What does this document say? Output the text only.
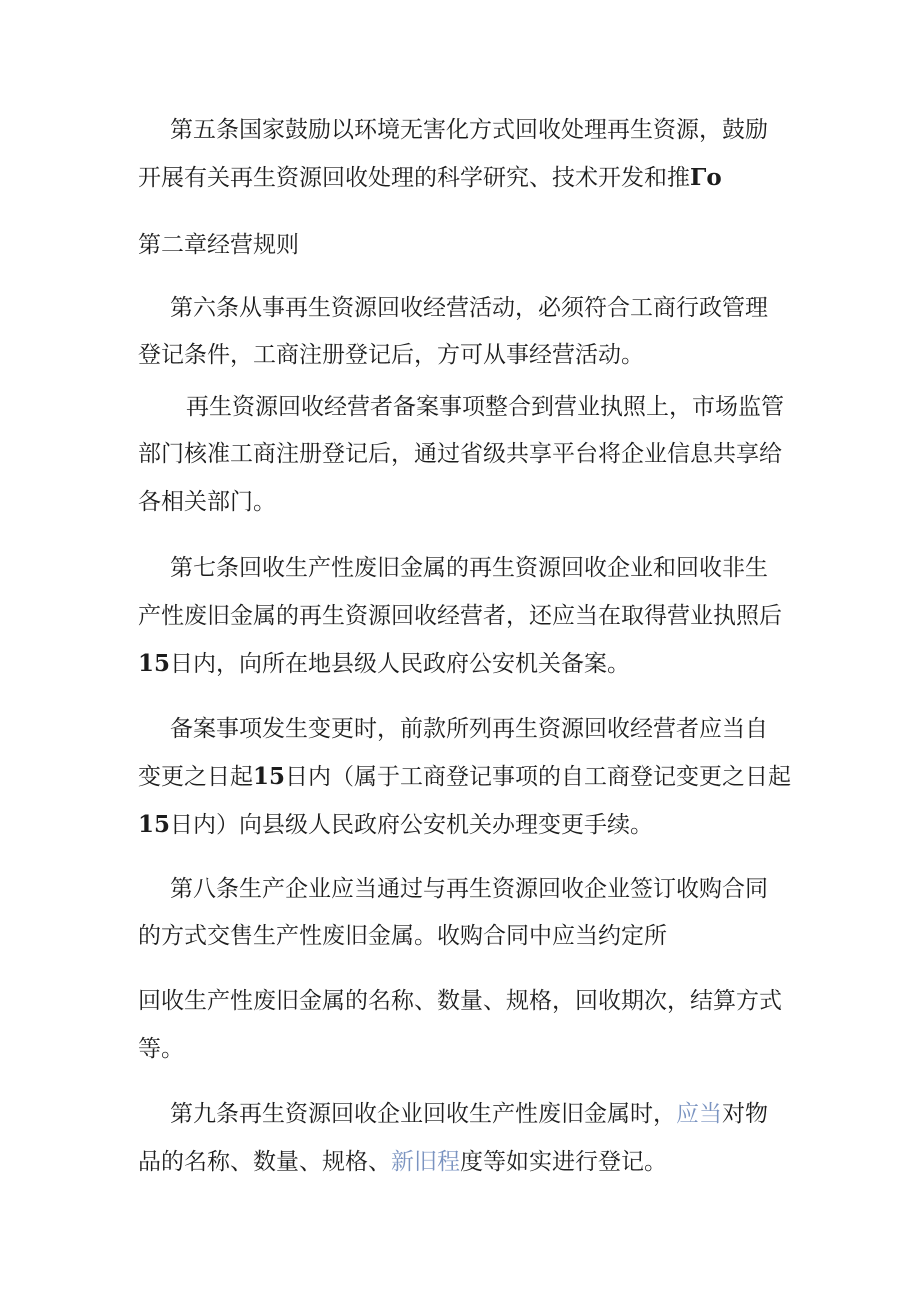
第五条国家鼓励以环境无害化方式回收处理再生资源，鼓励
开展有关再生资源回收处理的科学研究、技术开发和推Γo
第二章经营规则
第六条从事再生资源回收经营活动，必须符合工商行政管理
登记条件，工商注册登记后，方可从事经营活动。
再生资源回收经营者备案事项整合到营业执照上，市场监管
部门核准工商注册登记后，通过省级共享平台将企业信息共享给
各相关部门。
第七条回收生产性废旧金属的再生资源回收企业和回收非生
产性废旧金属的再生资源回收经营者，还应当在取得营业执照后
15日内，向所在地县级人民政府公安机关备案。
备案事项发生变更时，前款所列再生资源回收经营者应当自
变更之日起15日内（属于工商登记事项的自工商登记变更之日起
15日内）向县级人民政府公安机关办理变更手续。
第八条生产企业应当通过与再生资源回收企业签订收购合同
的方式交售生产性废旧金属。收购合同中应当约定所
回收生产性废旧金属的名称、数量、规格，回收期次，结算方式
等。
第九条再生资源回收企业回收生产性废旧金属时，应当对物
品的名称、数量、规格、新旧程度等如实进行登记。
